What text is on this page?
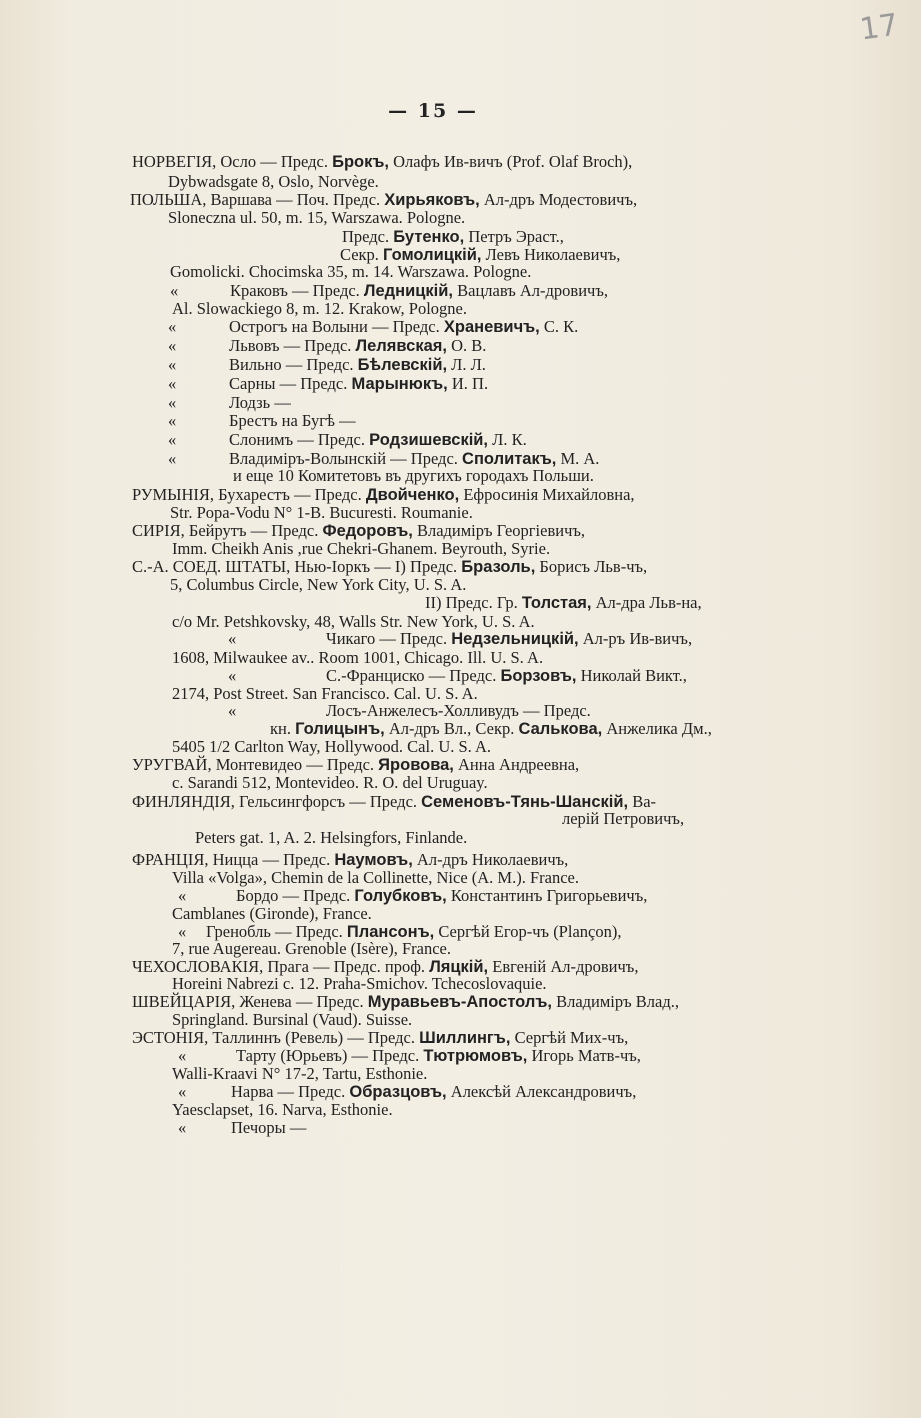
17
— 15 —
НОРВЕГІЯ, Осло — Предс. Брокъ, Олафъ Ив-вичъ (Prof. Olaf Broch),
Dybwadsgate 8, Oslo, Norvège.
ПОЛЬША, Варшава — Поч. Предс. Хирьяковъ, Ал-дръ Модестовичъ,
Sloneczna ul. 50, m. 15, Warszawa. Pologne.
Предс. Бутенко, Петръ Эраст.,
Секр. Гомолицкій, Левъ Николаевичъ,
Gomolicki. Chocimska 35, m. 14. Warszawa. Pologne.
«	Краковъ — Предс. Ледницкій, Вацлавъ Ал-дровичъ,
Al. Slowackiego 8, m. 12. Krakow, Pologne.
«	Острогъ на Волыни — Предс. Храневичъ, С. К.
«	Львовъ — Предс. Лелявская, О. В.
«	Вильно — Предс. Бѣлевскій, Л. Л.
«	Сарны — Предс. Марынюкъ, И. П.
«	Лодзь —
«	Брестъ на Бугѣ —
«	Слонимъ — Предс. Родзишевскій, Л. К.
«	Владиміръ-Волынскій — Предс. Сполитакъ, М. А.
и еще 10 Комитетовъ въ другихъ городахъ Польши.
РУМЫНІЯ, Бухарестъ — Предс. Двойченко, Ефросинія Михайловна,
Str. Popa-Vodu N° 1-B. Bucuresti. Roumanie.
СИРІЯ, Бейрутъ — Предс. Федоровъ, Владиміръ Георгіевичъ,
Imm. Cheikh Anis ,rue Chekri-Ghanem. Beyrouth, Syrie.
С.-А. СОЕД. ШТАТЫ, Нью-Іоркъ — I) Предс. Бразоль, Борисъ Льв-чъ,
5, Columbus Circle, New York City, U. S. A.
II) Предс. Гр. Толстая, Ал-дра Льв-на,
c/o Mr. Petshkovsky, 48, Walls Str. New York, U. S. A.
«	Чикаго — Предс. Недзельницкій, Ал-ръ Ив-вичъ,
1608, Milwaukee av.. Room 1001, Chicago. Ill. U. S. A.
«	С.-Франциско — Предс. Борзовъ, Николай Викт.,
2174, Post Street. San Francisco. Cal. U. S. A.
«	Лосъ-Анжелесъ-Холливудъ — Предс.
кн. Голицынъ, Ал-дръ Вл., Секр. Салькова, Анжелика Дм.,
5405 1/2 Carlton Way, Hollywood. Cal. U. S. A.
УРУГВАЙ, Монтевидео — Предс. Яровова, Анна Андреевна,
c. Sarandi 512, Montevideo. R. O. del Uruguay.
ФИНЛЯНДІЯ, Гельсингфорсъ — Предс. Семеновъ-Тянь-Шанскій, Ва-
лерій Петровичъ,
Peters gat. 1, A. 2. Helsingfors, Finlande.
ФРАНЦІЯ, Ницца — Предс. Наумовъ, Ал-дръ Николаевичъ,
Villa «Volga», Chemin de la Collinette, Nice (A. M.). France.
«	Бордо — Предс. Голубковъ, Константинъ Григорьевичъ,
Camblanes (Gironde), France.
« Гренобль — Предс. Плансонъ, Сергѣй Егор-чъ (Plançon),
7, rue Augereau. Grenoble (Isère), France.
ЧЕХОСЛОВАКІЯ, Прага — Предс. проф. Ляцкій, Евгеній Ал-дровичъ,
Horeini Nabrezi c. 12. Praha-Smichov. Tchecoslovaquie.
ШВЕЙЦАРІЯ, Женева — Предс. Муравьевъ-Апостолъ, Владиміръ Влад.,
Springland. Bursinal (Vaud). Suisse.
ЭСТОНІЯ, Таллиннъ (Ревель) — Предс. Шиллингъ, Сергѣй Мих-чъ,
«	Тарту (Юрьевъ) — Предс. Тютрюмовъ, Игорь Матв-чъ,
Walli-Kraavi N° 17-2, Tartu, Esthonie.
«	Нарва — Предс. Образцовъ, Алексѣй Александровичъ,
Yaesclapset, 16. Narva, Esthonie.
«	Печоры —
